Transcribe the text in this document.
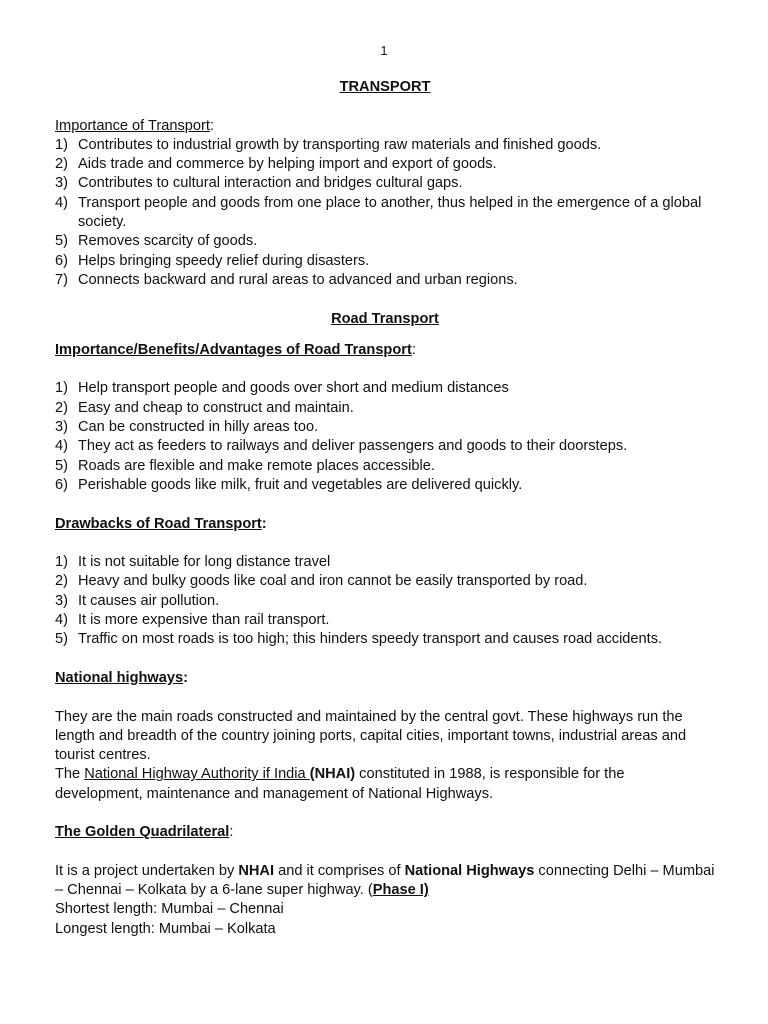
1
TRANSPORT
Importance of Transport:
1) Contributes to industrial growth by transporting raw materials and finished goods.
2) Aids trade and commerce by helping import and export of goods.
3) Contributes to cultural interaction and bridges cultural gaps.
4) Transport people and goods from one place to another, thus helped in the emergence of a global society.
5) Removes scarcity of goods.
6) Helps bringing speedy relief during disasters.
7) Connects backward and rural areas to advanced and urban regions.
Road Transport
Importance/Benefits/Advantages of Road Transport:
1) Help transport people and goods over short and medium distances
2) Easy and cheap to construct and maintain.
3) Can be constructed in hilly areas too.
4) They act as feeders to railways and deliver passengers and goods to their doorsteps.
5) Roads are flexible and make remote places accessible.
6) Perishable goods like milk, fruit and vegetables are delivered quickly.
Drawbacks of Road Transport:
1) It is not suitable for long distance travel
2) Heavy and bulky goods like coal and iron cannot be easily transported by road.
3) It causes air pollution.
4) It is more expensive than rail transport.
5) Traffic on most roads is too high; this hinders speedy transport and causes road accidents.
National highways:

They are the main roads constructed and maintained by the central govt. These highways run the length and breadth of the country joining ports, capital cities, important towns, industrial areas and tourist centres.

The National Highway Authority if India (NHAI) constituted in 1988, is responsible for the development, maintenance and management of National Highways.

The Golden Quadrilateral:

It is a project undertaken by NHAI and it comprises of National Highways connecting Delhi – Mumbai – Chennai – Kolkata by a 6-lane super highway. (Phase I)

Shortest length: Mumbai – Chennai

Longest length: Mumbai – Kolkata
